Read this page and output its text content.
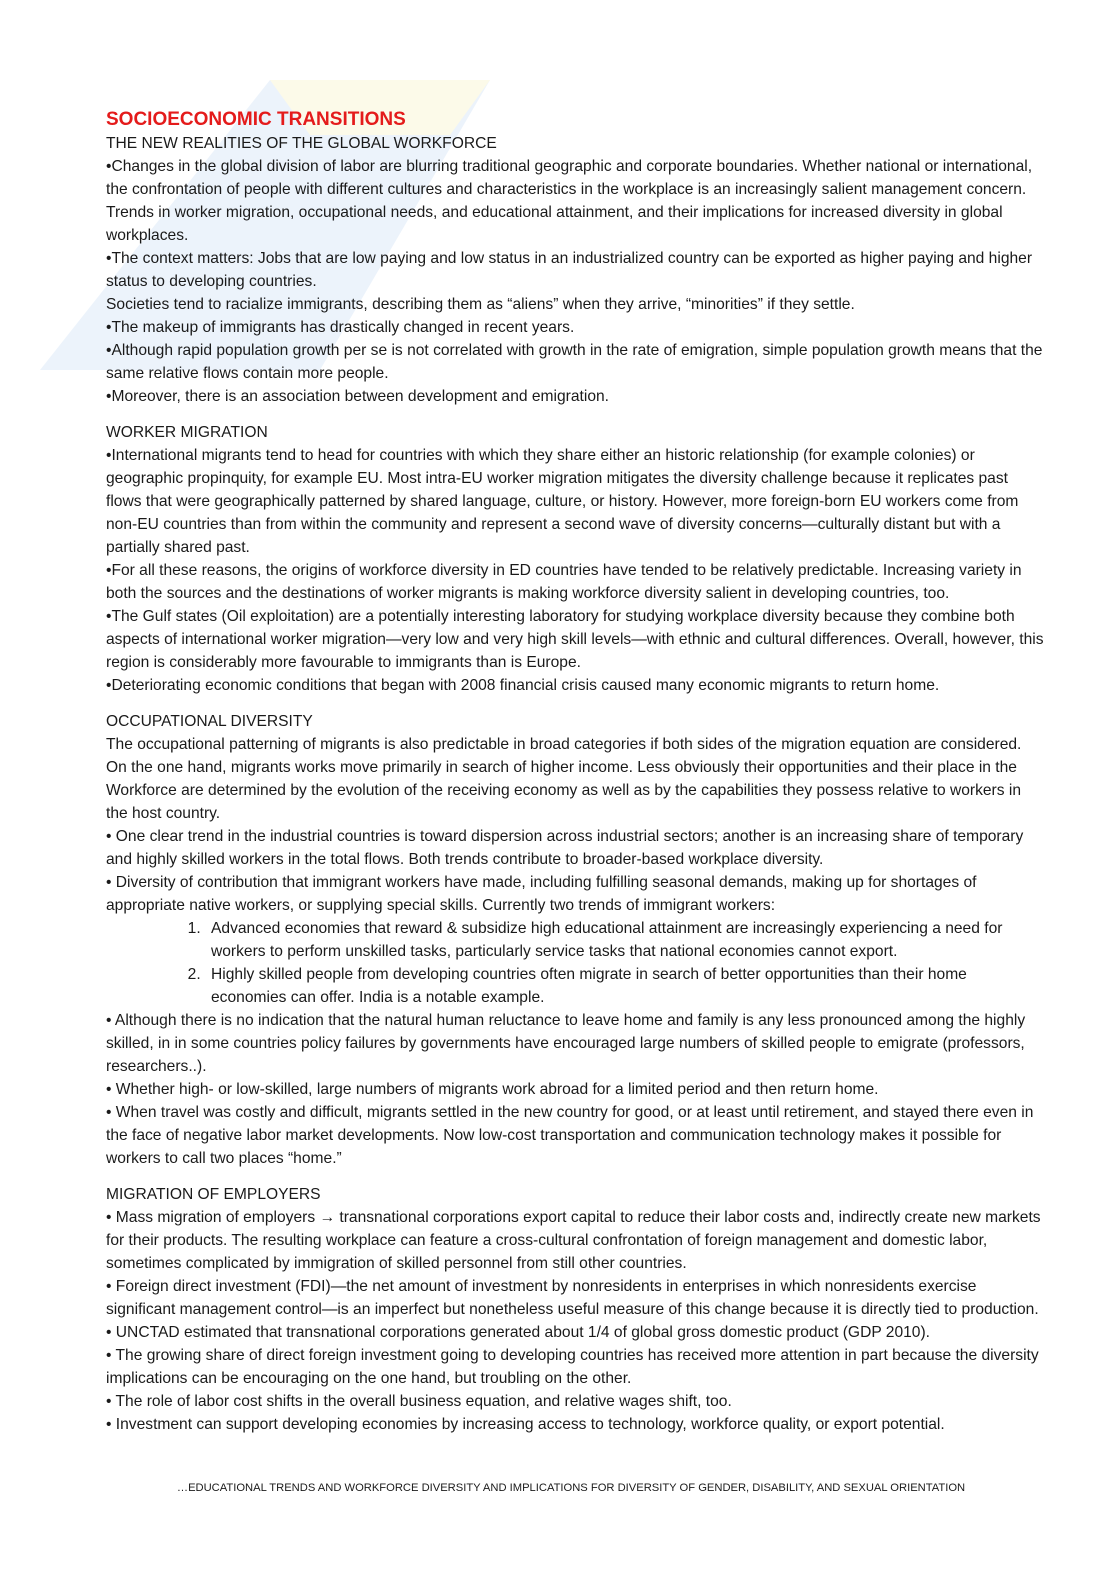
SOCIOECONOMIC TRANSITIONS
THE NEW REALITIES OF THE GLOBAL WORKFORCE

•Changes in the global division of labor are blurring traditional geographic and corporate boundaries. Whether national or international, the confrontation of people with different cultures and characteristics in the workplace is an increasingly salient management concern. Trends in worker migration, occupational needs, and educational attainment, and their implications for increased diversity in global workplaces.

•The context matters: Jobs that are low paying and low status in an industrialized country can be exported as higher paying and higher status to developing countries.

Societies tend to racialize immigrants, describing them as “aliens” when they arrive, “minorities” if they settle.

•The makeup of immigrants has drastically changed in recent years.

•Although rapid population growth per se is not correlated with growth in the rate of emigration, simple population growth means that the same relative flows contain more people.

•Moreover, there is an association between development and emigration.

WORKER MIGRATION

•International migrants tend to head for countries with which they share either an historic relationship (for example colonies) or geographic propinquity, for example EU. Most intra-EU worker migration mitigates the diversity challenge because it replicates past flows that were geographically patterned by shared language, culture, or history. However, more foreign-born EU workers come from non-EU countries than from within the community and represent a second wave of diversity concerns—culturally distant but with a partially shared past.

•For all these reasons, the origins of workforce diversity in ED countries have tended to be relatively predictable. Increasing variety in both the sources and the destinations of worker migrants is making workforce diversity salient in developing countries, too.

•The Gulf states (Oil exploitation) are a potentially interesting laboratory for studying workplace diversity because they combine both aspects of international worker migration—very low and very high skill levels—with ethnic and cultural differences. Overall, however, this region is considerably more favourable to immigrants than is Europe.

•Deteriorating economic conditions that began with 2008 financial crisis caused many economic migrants to return home.

OCCUPATIONAL DIVERSITY

The occupational patterning of migrants is also predictable in broad categories if both sides of the migration equation are considered. On the one hand, migrants works move primarily in search of higher income. Less obviously their opportunities and their place in the Workforce are determined by the evolution of the receiving economy as well as by the capabilities they possess relative to workers in the host country.

• One clear trend in the industrial countries is toward dispersion across industrial sectors; another is an increasing share of temporary and highly skilled workers in the total flows. Both trends contribute to broader-based workplace diversity.

• Diversity of contribution that immigrant workers have made, including fulfilling seasonal demands, making up for shortages of appropriate native workers, or supplying special skills. Currently two trends of immigrant workers:

1. Advanced economies that reward & subsidize high educational attainment are increasingly experiencing a need for workers to perform unskilled tasks, particularly service tasks that national economies cannot export.
2. Highly skilled people from developing countries often migrate in search of better opportunities than their home economies can offer. India is a notable example.

• Although there is no indication that the natural human reluctance to leave home and family is any less pronounced among the highly skilled, in in some countries policy failures by governments have encouraged large numbers of skilled people to emigrate (professors, researchers..).

• Whether high- or low-skilled, large numbers of migrants work abroad for a limited period and then return home.

• When travel was costly and difficult, migrants settled in the new country for good, or at least until retirement, and stayed there even in the face of negative labor market developments. Now low-cost transportation and communication technology makes it possible for workers to call two places “home.”

MIGRATION OF EMPLOYERS

• Mass migration of employers → transnational corporations export capital to reduce their labor costs and, indirectly create new markets for their products. The resulting workplace can feature a cross-cultural confrontation of foreign management and domestic labor, sometimes complicated by immigration of skilled personnel from still other countries.

• Foreign direct investment (FDI)—the net amount of investment by nonresidents in enterprises in which nonresidents exercise significant management control—is an imperfect but nonetheless useful measure of this change because it is directly tied to production.

• UNCTAD estimated that transnational corporations generated about 1/4 of global gross domestic product (GDP 2010).

• The growing share of direct foreign investment going to developing countries has received more attention in part because the diversity implications can be encouraging on the one hand, but troubling on the other.

• The role of labor cost shifts in the overall business equation, and relative wages shift, too.

• Investment can support developing economies by increasing access to technology, workforce quality, or export potential.

…EDUCATIONAL TRENDS AND WORKFORCE DIVERSITY AND IMPLICATIONS FOR DIVERSITY OF GENDER, DISABILITY, AND SEXUAL ORIENTATION
